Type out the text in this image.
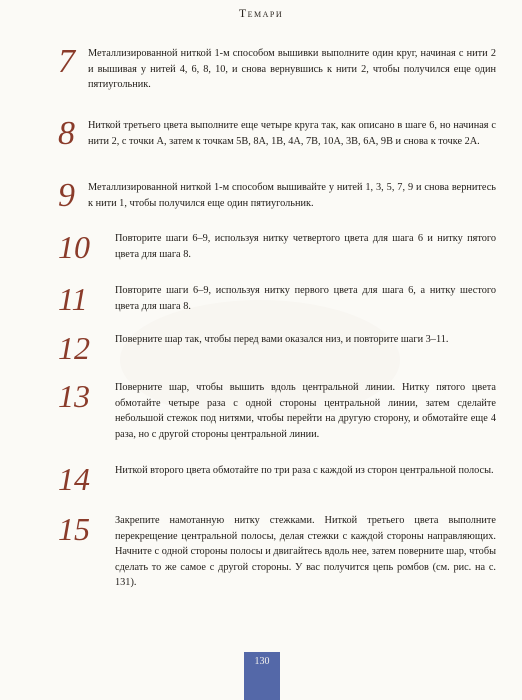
Темари
7 Металлизированной ниткой 1-м способом вышивки выполните один круг, начиная с нити 2 и вышивая у нитей 4, 6, 8, 10, и снова вернувшись к нити 2, чтобы получился еще один пятиугольник.
8 Ниткой третьего цвета выполните еще четыре круга так, как описано в шаге 6, но начиная с нити 2, с точки A, затем к точкам 5B, 8A, 1B, 4A, 7B, 10A, 3B, 6A, 9B и снова к точке 2A.
9 Металлизированной ниткой 1-м способом вышивайте у нитей 1, 3, 5, 7, 9 и снова вернитесь к нити 1, чтобы получился еще один пятиугольник.
10 Повторите шаги 6–9, используя нитку четвертого цвета для шага 6 и нитку пятого цвета для шага 8.
11	Повторите шаги 6–9, используя нитку первого цвета для шага 6, а нитку шестого цвета для шага 8.
12 Поверните шар так, чтобы перед вами оказался низ, и повторите шаги 3–11.
13 Поверните шар, чтобы вышить вдоль центральной линии. Нитку пятого цвета обмотайте четыре раза с одной стороны центральной линии, затем сделайте небольшой стежок под нитями, чтобы перейти на другую сторону, и обмотайте еще 4 раза, но с другой стороны центральной линии.
14 Ниткой второго цвета обмотайте по три раза с каждой из сторон центральной полосы.
15 Закрепите намотанную нитку стежками. Ниткой третьего цвета выполните перекрещение центральной полосы, делая стежки с каждой стороны направляющих. Начните с одной стороны полосы и двигайтесь вдоль нее, затем поверните шар, чтобы сделать то же самое с другой стороны. У вас получится цепь ромбов (см. рис. на с. 131).
130
